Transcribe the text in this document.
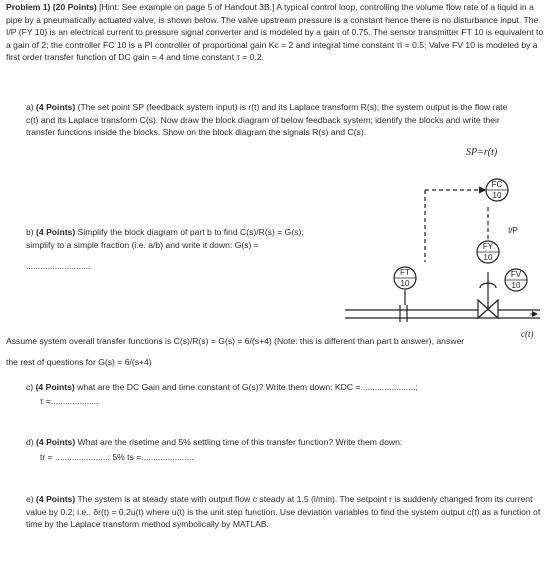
Problem 1) (20 Points) [Hint: See example on page 5 of Handout 3B.] A typical control loop, controlling the volume flow rate of a liquid in a pipe by a pneumatically actuated valve, is shown below. The valve upstream pressure is a constant hence there is no disturbance input. The I/P (FY 10) is an electrical current to pressure signal converter and is modeled by a gain of 0.75. The sensor transmitter FT 10 is equivalent to a gain of 2; the controller FC 10 is a PI controller of proportional gain Kc = 2 and integral time constant τI = 0.5; Valve FV 10 is modeled by a first order transfer function of DC gain = 4 and time constant τ = 0.2.
a) (4 Points) (The set point SP (feedback system input) is r(t) and its Laplace transform R(s); the system output is the flow rate c(t) and its Laplace transform C(s). Now draw the block diagram of below feedback system; identify the blocks and write their transfer functions inside the blocks. Show on the block diagram the signals R(s) and C(s).
SP=r(t)
b) (4 Points) Simplify the block diagram of part b to find C(s)/R(s) = G(s);
simplify to a simple fraction (i.e. a/b) and write it down: G(s) =
...........................
Assume system overall transfer functions is C(s)/R(s) = G(s) = 6/(s+4) (Note: this is different than part b answer), answer
the rest of questions for G(s) = 6/(s+4)
c) (4 Points) what are the DC Gain and time constant of G(s)? Write them down: KDC = ......................;
τ =....................
d) (4 Points) What are the risetime and 5% settling time of this transfer function? Write them down:
tr = ......................; 5% ts =......................
e) (4 Points) The system is at steady state with output flow c steady at 1.5 (l/min). The setpoint r is suddenly changed from its current value by 0.2; i.e., δr(t) = 0.2u(t) where u(t) is the unit step function. Use deviation variables to find the system output c(t) as a function of time by the Laplace transform method symbolically by MATLAB.
FC
10
I/P
FY
10
FT
10
FV
10
c(t)
